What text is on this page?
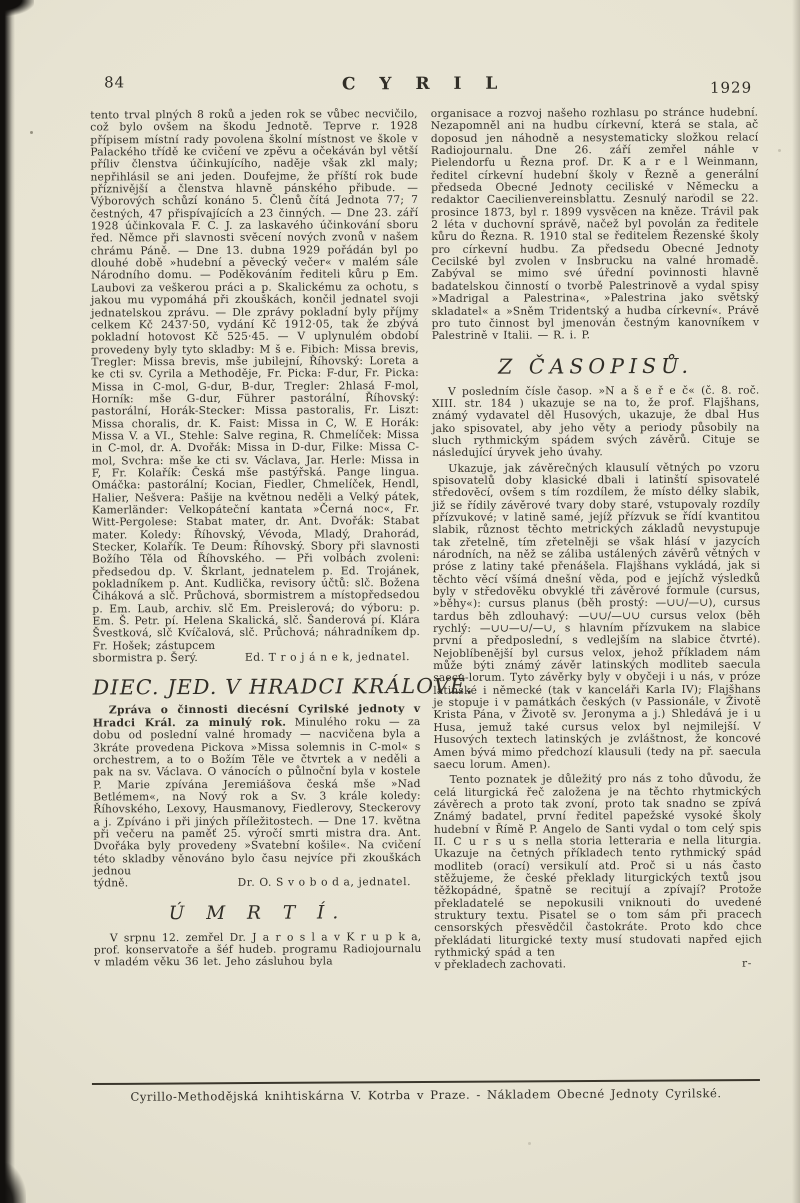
84	C Y R I L	1929

tento trval plných 8 roků a jeden rok se vůbec necvičilo, což bylo ovšem na škodu Jednotě. Teprve r. 1928 přípisem místní rady povolena školní místnost ve škole v Palackého třídě ke cvičení ve zpěvu a očekáván byl větší příliv členstva účinkujícího, naděje však zkl maly; nepřihlásil se ani jeden. Doufejme, že příští rok bude příznivější a členstva hlavně pánského přibude. — Výborových schůzí konáno 5. Členů čítá Jednota 77; 7 čestných, 47 přispívajících a 23 činných. — Dne 23. září 1928 účinkovala F. C. J. za laskavého účinkování sboru řed. Němce při slavnosti svěcení nových zvonů v našem chrámu Páně. — Dne 13. dubna 1929 pořádán byl po dlouhé době »hudební a pěvecký večer« v malém sále Národního domu. — Poděkováním řediteli kůru p Em. Laubovi za veškerou práci a p. Skalickému za ochotu, s jakou mu vypomáhá při zkouškách, končil jednatel svoji jednatelskou zprávu. — Dle zprávy pokladní byly příjmy celkem Kč 2437·50, vydání Kč 1912·05, tak že zbývá pokladní hotovost Kč 525·45. — V uplynulém období provedeny byly tyto skladby: M š e. Fibich: Missa brevis, Tregler: Missa brevis, mše jubilejní, Říhovský: Loreta a ke cti sv. Cyrila a Methoděje, Fr. Picka: F-dur, Fr. Picka: Missa in C-mol, G-dur, B-dur, Tregler: 2hlasá F-mol, Horník: mše G-dur, Führer pastorální, Říhovský: pastorální, Horák-Stecker: Missa pastoralis, Fr. Liszt: Missa choralis, dr. K. Faist: Missa in C, W. E Horák: Missa V. a VI., Stehle: Salve regina, R. Chmelíček: Missa in C-mol, dr. A. Dvořák: Missa in D-dur, Filke: Missa C-mol, Svchra: mše ke cti sv. Václava, Jar. Herle: Missa in F, Fr. Kolařík: Česká mše pastýřská. Pange lingua. Omáčka: pastorální; Kocian, Fiedler, Chmelíček, Hendl, Halier, Nešvera: Pašije na květnou neděli a Velký pátek, Kamerländer: Velkopáteční kantata »Černá noc«, Fr. Witt-Pergolese: Stabat mater, dr. Ant. Dvořák: Stabat mater. Koledy: Říhovský, Vévoda, Mladý, Drahorád, Stecker, Kolařík. Te Deum: Říhovský. Sbory při slavnosti Božího Těla od Říhovského. — Při volbách zvoleni: předsedou dp. V. Škrlant, jednatelem p. Ed. Trojánek, pokladníkem p. Ant. Kudlička, revisory účtů: slč. Božena Čiháková a slč. Průchová, sbormistrem a místopředsedou p. Em. Laub, archiv. slč Em. Preislerová; do výboru: p. Em. Š. Petr. pí. Helena Skalická, slč. Šanderová pí. Klára Švestková, slč Kvíčalová, slč. Průchová; náhradníkem dp. Fr. Hošek; zástupcem

sbormistra p. Šerý.	Ed. T r o j á n e k, jednatel.
DIEC. JED. V HRADCI KRÁLOVÉ.

Zpráva o činnosti diecésní Cyrilské jednoty v Hradci Král. za minulý rok. Minulého roku — za dobu od poslední valné hromady — nacvičena byla a 3kráte provedena Pickova »Missa solemnis in C-mol« s orchestrem, a to o Božím Těle ve čtvrtek a v neděli a pak na sv. Václava. O vánocích o půlnoční byla v kostele P. Marie zpívána Jeremiášova česká mše »Nad Betlémem«, na Nový rok a Sv. 3 krále koledy: Říhovského, Lexovy, Hausmanovy, Fiedlerovy, Steckerovy a j. Zpíváno i při jiných příležitostech. — Dne 17. května při večeru na paměť 25. výročí smrti mistra dra. Ant. Dvořáka byly provedeny »Svatební košile«. Na cvičení této skladby věnováno bylo času nejvíce při zkouškách jednou

týdně.	Dr. O. S v o b o d a, jednatel.
Ú M R T Í.

V srpnu 12. zemřel Dr. J a r o s l a v K r u p k a, prof. konservatoře a šéf hudeb. programu Radiojournalu v mladém věku 36 let. Jeho zásluhou byla

organisace a rozvoj našeho rozhlasu po stránce hudební. Nezapomněl ani na hudbu církevní, která se stala, ač doposud jen náhodně a nesystematicky složkou relací Radiojournalu.  Dne 26. září zemřel náhle v Pielendorfu u Řezna prof. Dr. K a r e l Weinmann, ředitel církevní hudební školy v Řezně a generální předseda Obecné Jednoty ceciliské v Německu a redaktor Caecilienvereinsblattu. Zesnulý narodil se 22. prosince 1873, byl r. 1899 vysvěcen na kněze. Trávil pak 2 léta v duchovní správě, načež byl povolán za ředitele kůru do Řezna. R. 1910 stal se ředitelem Řezenské školy pro církevní hudbu. Za předsedu Obecné Jednoty Cecilské byl zvolen v Insbrucku na valné hromadě. Zabýval se mimo své úřední povinnosti hlavně badatelskou činností o tvorbě Palestrinově a vydal spisy »Madrigal a Palestrina«, »Palestrina jako světský skladatel« a »Sněm Tridentský a hudba církevní«. Právě pro tuto činnost byl jmenován čestným kanovníkem v Palestrině v Italii. — R. i. P.

Z ČASOPISŮ.

V posledním čísle časop. »N a š e ř e č« (č. 8. roč. XIII. str. 184 ) ukazuje se na to, že prof. Flajšhans, známý vydavatel děl Husových, ukazuje, že dbal Hus jako spisovatel, aby jeho věty a periody působily na sluch rythmickým spádem svých závěrů. Cituje se následující úryvek jeho úvahy.

Ukazuje, jak závěrečných klausulí větných po vzoru spisovatelů doby klasické dbali i latinští spisovatelé středověcí, ovšem s tím rozdílem, že místo délky slabik, již se řídily závěrové tvary doby staré, vstupovaly rozdíly přízvukové; v latině samé, jejíž přízvuk se řídí kvantitou slabik, různost těchto metrických základů nevystupuje tak zřetelně, tím zřetelněji se však hlásí v jazycích národních, na něž se záliba ustálených závěrů větných v próse z latiny také přenášela. Flajšhans vykládá, jak si těchto věcí všímá dnešní věda, pod e jejíchž výsledků byly v středověku obvyklé tři závěrové formule (cursus, »běhy«): cursus planus (běh prostý: —∪∪/—∪), cursus tardus běh zdlouhavý: —∪∪/—∪∪ cursus velox (běh rychlý: —∪∪—∪/—∪, s hlavním přízvukem na slabice první a předposlední, s vedlejším na slabice čtvrté). Nejoblíbenější byl cursus velox, jehož příkladem nám může býti známý závěr latinských modliteb saecula saecu-lorum. Tyto závěrky byly v obyčeji i u nás, v próze latinské i německé (tak v kanceláři Karla IV); Flajšhans je stopuje i v památkách českých (v Passionále, v Životě Krista Pána, v Životě sv. Jeronyma a j.) Shledává je i u Husa, jemuž také cursus velox byl nejmilejší. V Husových textech latinských je zvláštnost, že koncové Amen bývá mimo předchozí klausuli (tedy na př. saecula saecu lorum. Amen).

Tento poznatek je důležitý pro nás z toho důvodu, že celá liturgická řeč založena je na těchto rhytmických závěrech a proto tak zvoní, proto tak snadno se zpívá Známý badatel, první ředitel papežské vysoké školy hudební v Římě P. Angelo de Santi vydal o tom celý spis II. C u r s u s nella storia letteraria e nella liturgia. Ukazuje na četných příkladech tento rythmický spád modliteb (orací) versikulí atd. Proč si u nás často stěžujeme, že české překlady liturgických textů jsou těžkopádné, špatně se recitují a zpívají? Protože překladatelé se nepokusili vniknouti do uvedené struktury textu. Pisatel se o tom sám při pracech censorských přesvědčil častokráte. Proto kdo chce překládati liturgické texty musí studovati napřed ejich rythmický spád a ten

v překladech zachovati.	r-
Cyrillo-Methodějská knihtiskárna V. Kotrba v Praze. - Nákladem Obecné Jednoty Cyrilské.
